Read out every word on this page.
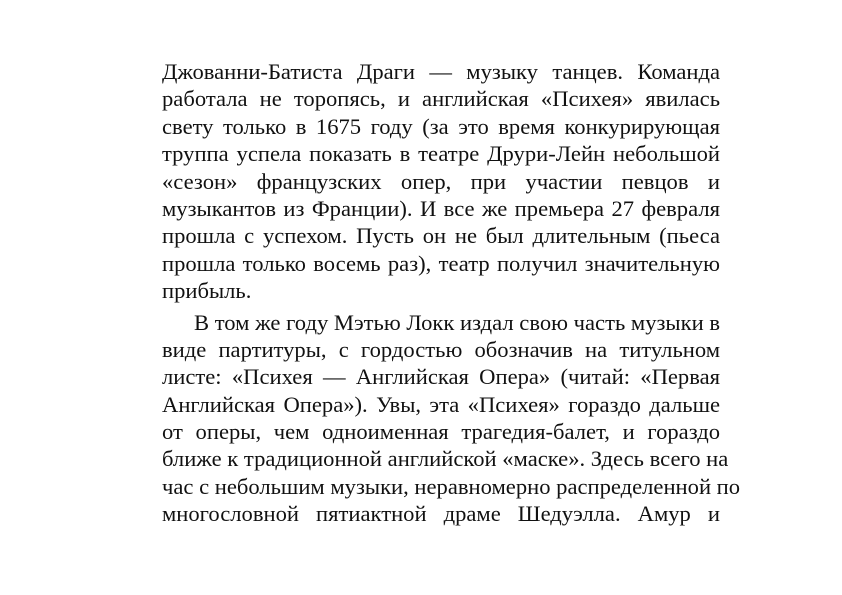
Джованни-Батиста Драги — музыку танцев. Команда
работала не торопясь, и английская «Психея» явилась
свету только в 1675 году (за это время конкурирующая
труппа успела показать в театре Друри-Лейн небольшой
«сезон» французских опер, при участии певцов и
музыкантов из Франции). И все же премьера 27 февраля
прошла с успехом. Пусть он не был длительным (пьеса
прошла только восемь раз), театр получил значительную
прибыль.

В том же году Мэтью Локк издал свою часть музыки в
виде партитуры, с гордостью обозначив на титульном
листе: «Психея — Английская Опера» (читай: «Первая
Английская Опера»). Увы, эта «Психея» гораздо дальше
от оперы, чем одноименная трагедия-балет, и гораздо
ближе к традиционной английской «маске». Здесь всего на
час с небольшим музыки, неравномерно распределенной по
многословной пятиактной драме Шедуэлла. Амур и
